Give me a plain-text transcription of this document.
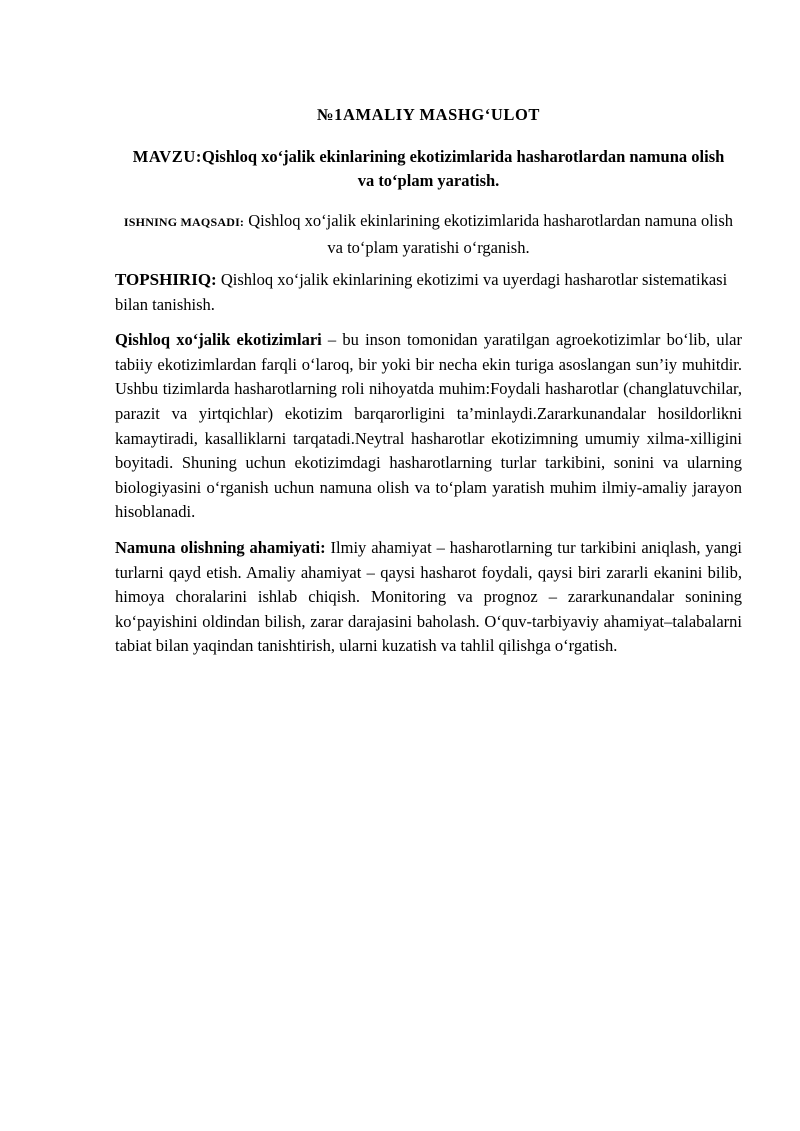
№1AMALIY MASHG‘ULOT
MAVZU:Qishloq xo‘jalik ekinlarining ekotizimlarida hasharotlardan namuna olish va to‘plam yaratish.
ISHNING MAQSADI: Qishloq xo‘jalik ekinlarining ekotizimlarida hasharotlardan namuna olish va to‘plam yaratishi o‘rganish.

TOPSHIRIQ: Qishloq xo‘jalik ekinlarining ekotizimi va uyerdagi hasharotlar sistematikasi bilan tanishish.

Qishloq xo‘jalik ekotizimlari – bu inson tomonidan yaratilgan agroekotizimlar bo‘lib, ular tabiiy ekotizimlardan farqli o‘laroq, bir yoki bir necha ekin turiga asoslangan sun’iy muhitdir. Ushbu tizimlarda hasharotlarning roli nihoyatda muhim:Foydali hasharotlar (changlatuvchilar, parazit va yirtqichlar) ekotizim barqarorligini ta’minlaydi.Zararkunandalar hosildorlikni kamaytiradi, kasalliklarni tarqatadi.Neytral hasharotlar ekotizimning umumiy xilma-xilligini boyitadi. Shuning uchun ekotizimdagi hasharotlarning turlar tarkibini, sonini va ularning biologiyasini o‘rganish uchun namuna olish va to‘plam yaratish muhim ilmiy-amaliy jarayon hisoblanadi.

Namuna olishning ahamiyati: Ilmiy ahamiyat – hasharotlarning tur tarkibini aniqlash, yangi turlarni qayd etish. Amaliy ahamiyat – qaysi hasharot foydali, qaysi biri zararli ekanini bilib, himoya choralarini ishlab chiqish. Monitoring va prognoz – zararkunandalar sonining ko‘payishini oldindan bilish, zarar darajasini baholash. O‘quv-tarbiyaviy ahamiyat–talabalarni tabiat bilan yaqindan tanishtirish, ularni kuzatish va tahlil qilishga o‘rgatish.
